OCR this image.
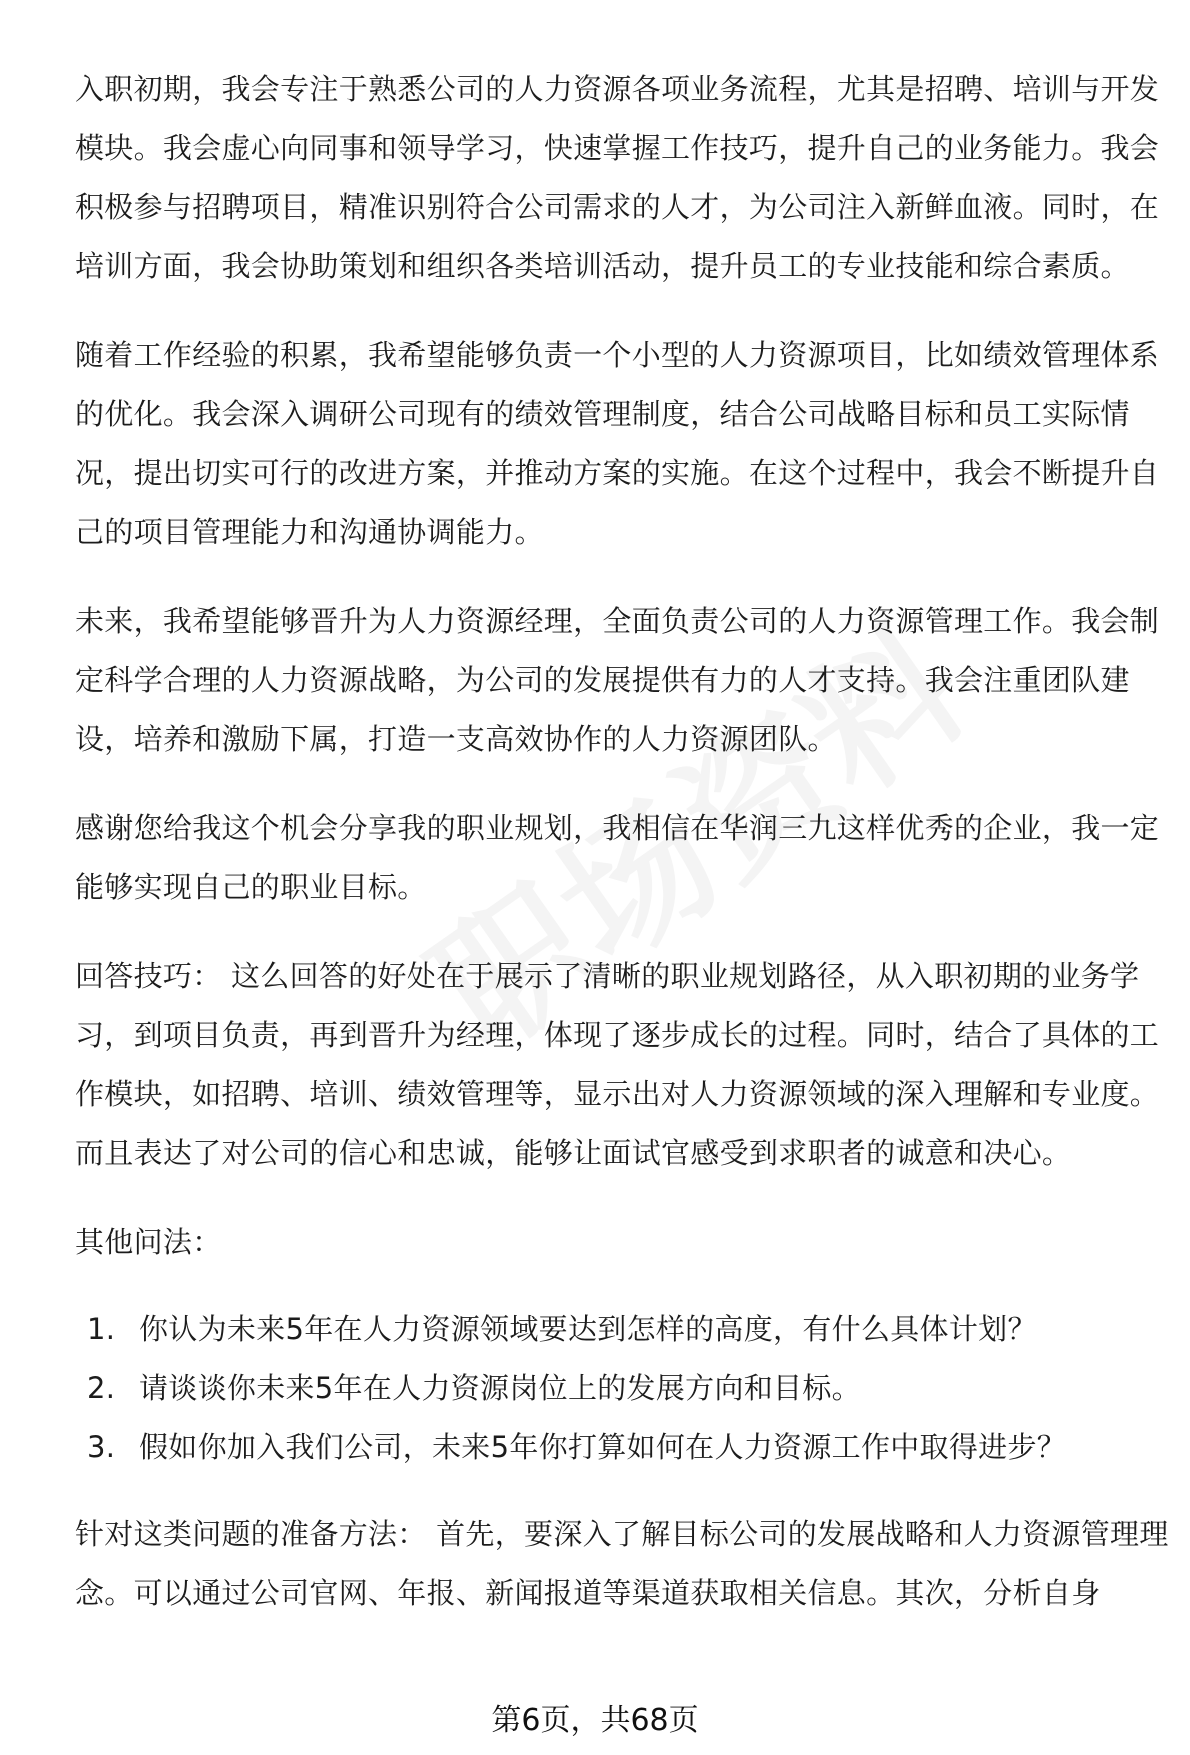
入职初期，我会专注于熟悉公司的人力资源各项业务流程，尤其是招聘、培训与开发模块。我会虚心向同事和领导学习，快速掌握工作技巧，提升自己的业务能力。我会积极参与招聘项目，精准识别符合公司需求的人才，为公司注入新鲜血液。同时，在培训方面，我会协助策划和组织各类培训活动，提升员工的专业技能和综合素质。

随着工作经验的积累，我希望能够负责一个小型的人力资源项目，比如绩效管理体系的优化。我会深入调研公司现有的绩效管理制度，结合公司战略目标和员工实际情况，提出切实可行的改进方案，并推动方案的实施。在这个过程中，我会不断提升自己的项目管理能力和沟通协调能力。

未来，我希望能够晋升为人力资源经理，全面负责公司的人力资源管理工作。我会制定科学合理的人力资源战略，为公司的发展提供有力的人才支持。我会注重团队建设，培养和激励下属，打造一支高效协作的人力资源团队。

感谢您给我这个机会分享我的职业规划，我相信在华润三九这样优秀的企业，我一定能够实现自己的职业目标。

回答技巧： 这么回答的好处在于展示了清晰的职业规划路径，从入职初期的业务学习，到项目负责，再到晋升为经理，体现了逐步成长的过程。同时，结合了具体的工作模块，如招聘、培训、绩效管理等，显示出对人力资源领域的深入理解和专业度。而且表达了对公司的信心和忠诚，能够让面试官感受到求职者的诚意和决心。

其他问法：

1. 你认为未来5年在人力资源领域要达到怎样的高度，有什么具体计划？
2. 请谈谈你未来5年在人力资源岗位上的发展方向和目标。
3. 假如你加入我们公司，未来5年你打算如何在人力资源工作中取得进步？

针对这类问题的准备方法： 首先，要深入了解目标公司的发展战略和人力资源管理理念。可以通过公司官网、年报、新闻报道等渠道获取相关信息。其次，分析自身

第6页，共68页
